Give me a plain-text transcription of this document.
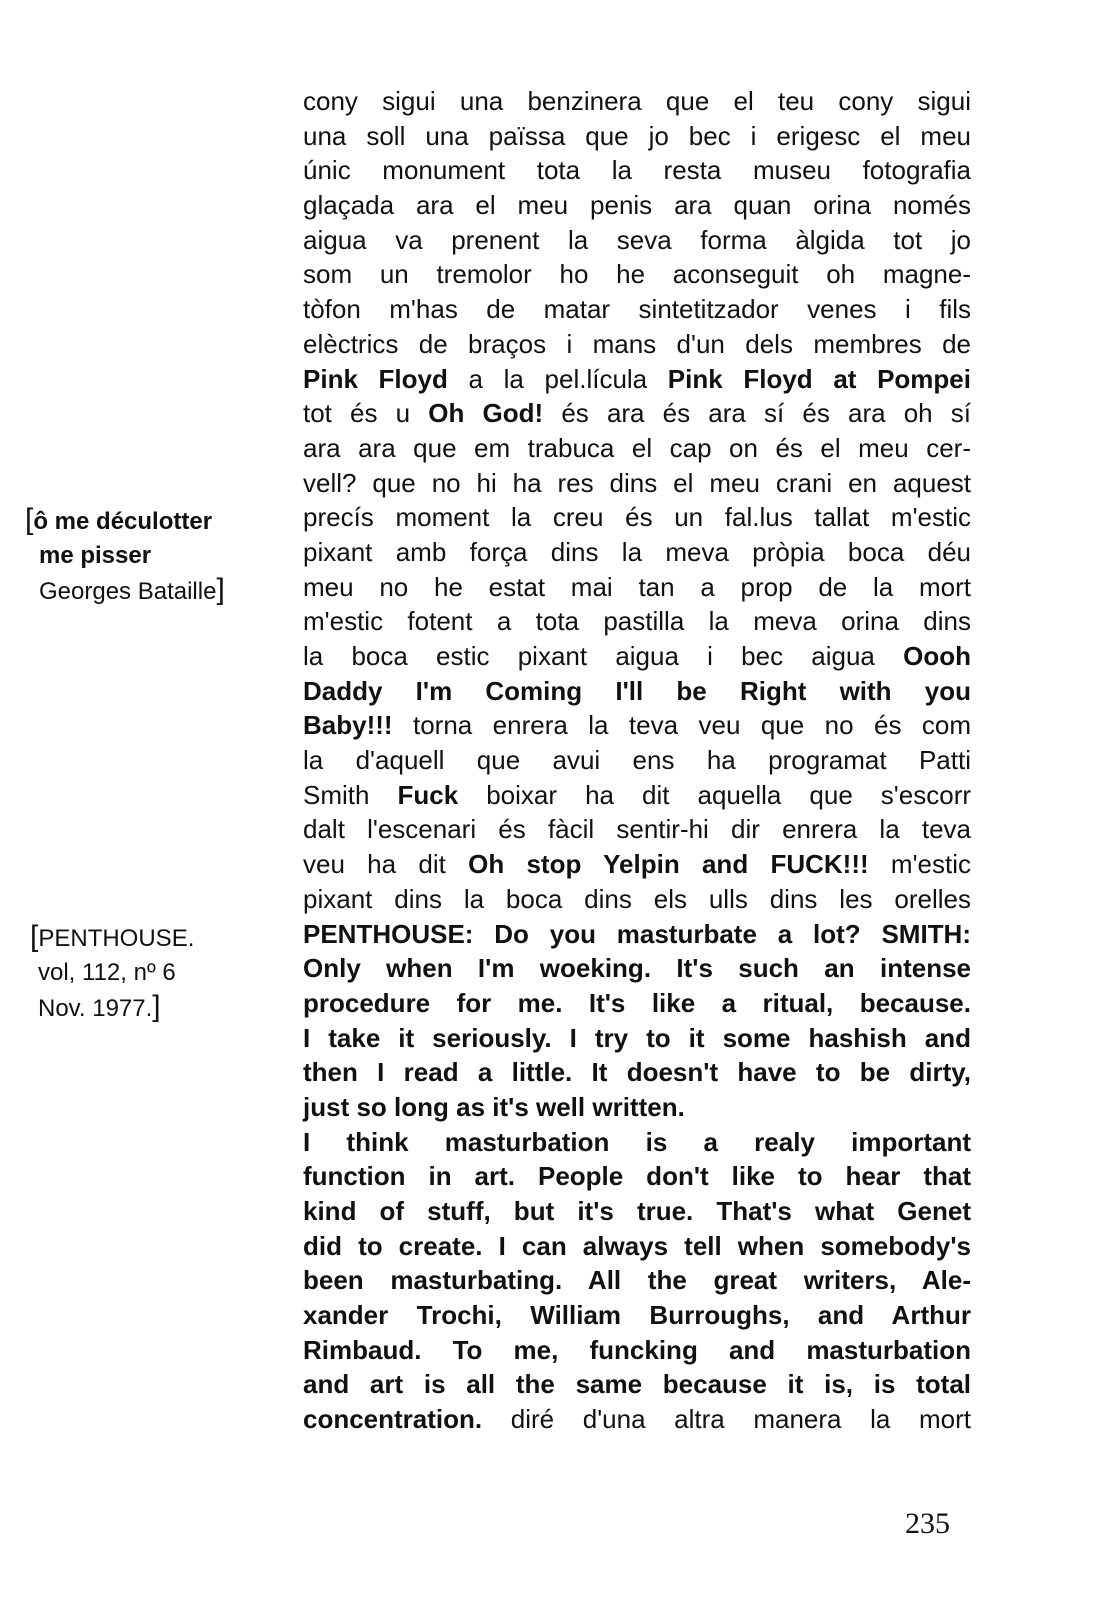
[ô me déculotter
me pisser
Georges Bataille]
[PENTHOUSE.
vol, 112, nº 6
Nov. 1977.]
cony sigui una benzinera que el teu cony sigui
una soll una païssa que jo bec i erigesc el meu
únic monument tota la resta museu fotografia
glaçada ara el meu penis ara quan orina només
aigua va prenent la seva forma àlgida tot jo
som un tremolor ho he aconseguit oh magne-
tòfon m'has de matar sintetitzador venes i fils
elèctrics de braços i mans d'un dels membres de
Pink Floyd a la pel.lícula Pink Floyd at Pompei
tot és u Oh God! és ara és ara sí és ara oh sí
ara ara que em trabuca el cap on és el meu cer-
vell? que no hi ha res dins el meu crani en aquest
precís moment la creu és un fal.lus tallat m'estic
pixant amb força dins la meva pròpia boca déu
meu no he estat mai tan a prop de la mort
m'estic fotent a tota pastilla la meva orina dins
la boca estic pixant aigua i bec aigua Oooh
Daddy I'm Coming I'll be Right with you
Baby!!! torna enrera la teva veu que no és com
la d'aquell que avui ens ha programat Patti
Smith Fuck boixar ha dit aquella que s'escorr
dalt l'escenari és fàcil sentir-hi dir enrera la teva
veu ha dit Oh stop Yelpin and FUCK!!! m'estic
pixant dins la boca dins els ulls dins les orelles
PENTHOUSE: Do you masturbate a lot? SMITH:
Only when I'm woeking. It's such an intense
procedure for me. It's like a ritual, because.
I take it seriously. I try to it some hashish and
then I read a little. It doesn't have to be dirty,
just so long as it's well written.
I think masturbation is a realy important
function in art. People don't like to hear that
kind of stuff, but it's true. That's what Genet
did to create. I can always tell when somebody's
been masturbating. All the great writers, Ale-
xander Trochi, William Burroughs, and Arthur
Rimbaud. To me, funcking and masturbation
and art is all the same because it is, is total
concentration. diré d'una altra manera la mort
235
